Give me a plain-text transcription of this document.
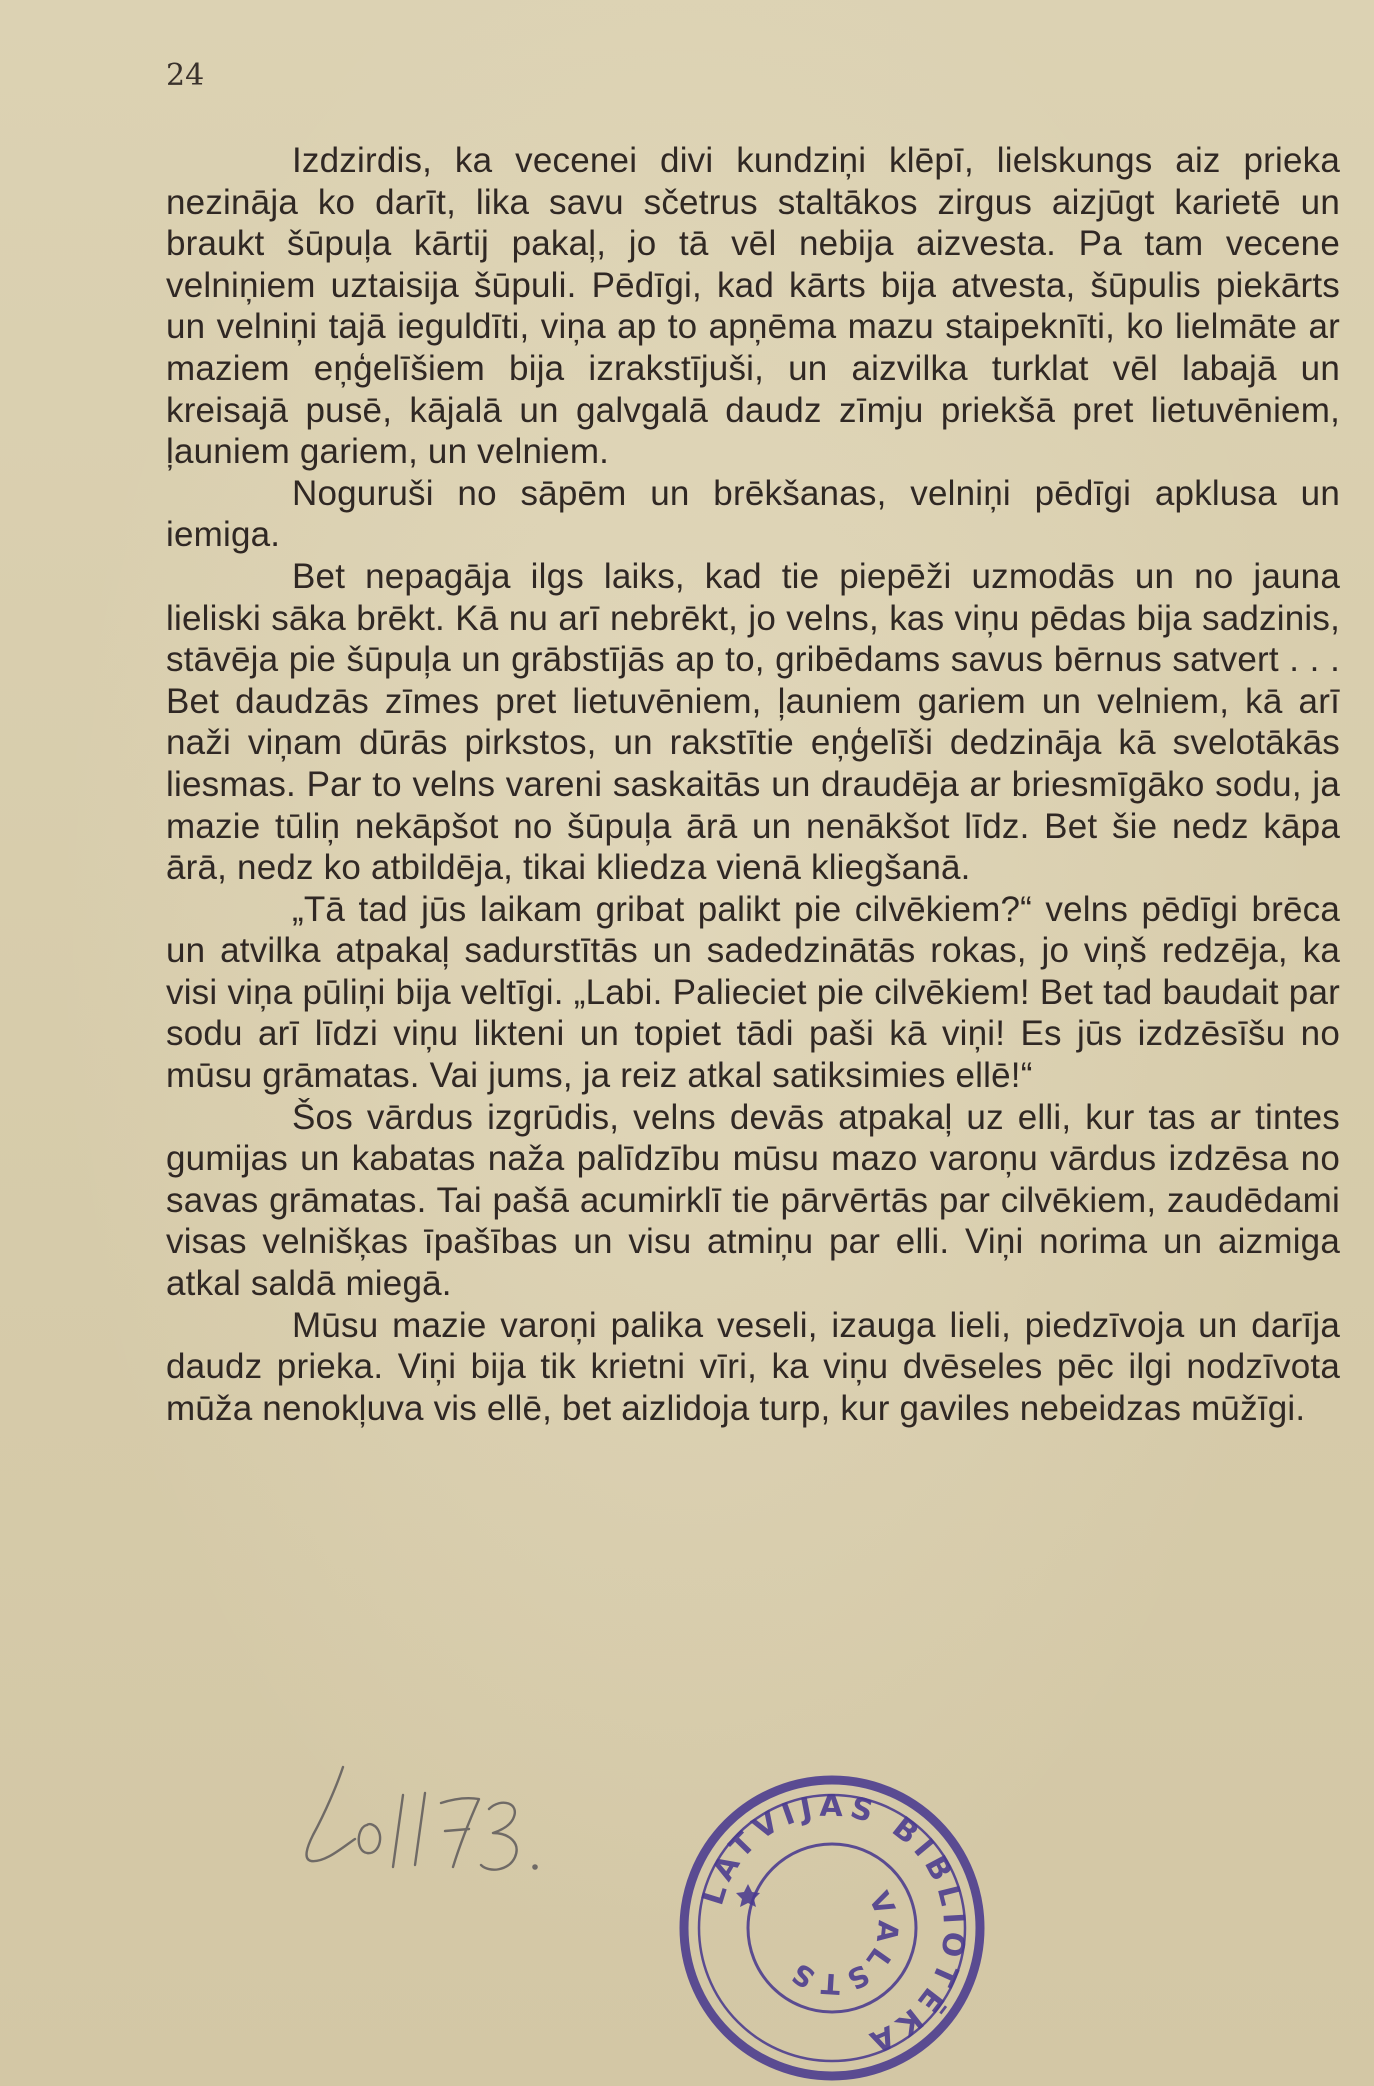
24

Izdzirdis, ka vecenei divi kundziņi klēpī, lielskungs aiz prieka nezināja ko darīt, lika savu sčetrus staltākos zirgus aizjūgt karietē un braukt šūpuļa kārtij pakaļ, jo tā vēl nebija aizvesta. Pa tam vecene velniņiem uztaisija šūpuli. Pēdīgi, kad kārts bija atvesta, šūpulis piekārts un velniņi tajā ieguldīti, viņa ap to apņēma mazu staipeknīti, ko lielmāte ar maziem eņģelīšiem bija izrakstījuši, un aizvilka turklat vēl labajā un kreisajā pusē, kājalā un galvgalā daudz zīmju priekšā pret lietuvēniem, ļauniem gariem, un velniem.

Noguruši no sāpēm un brēkšanas, velniņi pēdīgi apklusa un iemiga.

Bet nepagāja ilgs laiks, kad tie piepēži uzmodās un no jauna lieliski sāka brēkt. Kā nu arī nebrēkt, jo velns, kas viņu pēdas bija sadzinis, stāvēja pie šūpuļa un grābstījās ap to, gribēdams savus bērnus satvert . . . Bet daudzās zīmes pret lietuvēniem, ļauniem gariem un velniem, kā arī naži viņam dūrās pirkstos, un rakstītie eņģelīši dedzināja kā svelotākās liesmas. Par to velns vareni saskaitās un draudēja ar briesmīgāko sodu, ja mazie tūliņ nekāpšot no šūpuļa ārā un nenākšot līdz. Bet šie nedz kāpa ārā, nedz ko atbildēja, tikai kliedza vienā kliegšanā.

„Tā tad jūs laikam gribat palikt pie cilvēkiem?“ velns pēdīgi brēca un atvilka atpakaļ sadurstītās un sadedzinātās rokas, jo viņš redzēja, ka visi viņa pūliņi bija veltīgi. „Labi. Palieciet pie cilvēkiem! Bet tad baudait par sodu arī līdzi viņu likteni un topiet tādi paši kā viņi! Es jūs izdzēsīšu no mūsu grāmatas. Vai jums, ja reiz atkal satiksimies ellē!“

Šos vārdus izgrūdis, velns devās atpakaļ uz elli, kur tas ar tintes gumijas un kabatas naža palīdzību mūsu mazo varoņu vārdus izdzēsa no savas grāmatas. Tai pašā acumirklī tie pārvērtās par cilvēkiem, zaudēdami visas velnišķas īpašības un visu atmiņu par elli. Viņi norima un aizmiga atkal saldā miegā.

Mūsu mazie varoņi palika veseli, izauga lieli, piedzīvoja un darīja daudz prieka. Viņi bija tik krietni vīri, ka viņu dvēseles pēc ilgi nodzīvota mūža nenokļuva vis ellē, bet aizlidoja turp, kur gaviles nebeidzas mūžīgi.

LATVIJAS BIBLIOTĒKA
VALSTS
